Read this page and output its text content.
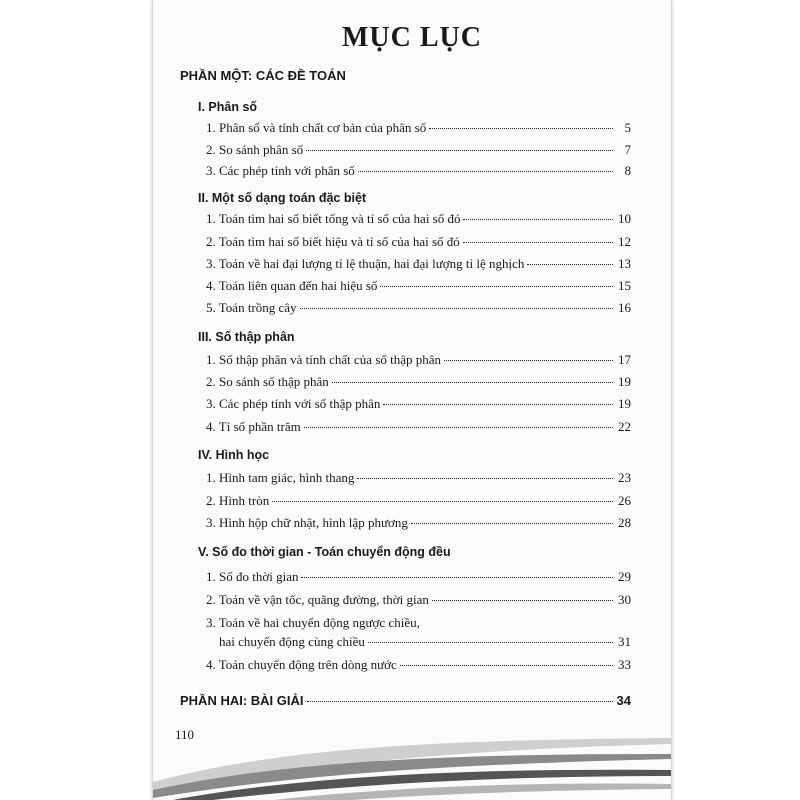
MỤC LỤC
PHẦN MỘT: CÁC ĐỀ TOÁN
I. Phân số
1. Phân số và tính chất cơ bản của phân số	5
2. So sánh phân số	7
3. Các phép tính với phân số	8
II. Một số dạng toán đặc biệt
1. Toán tìm hai số biết tổng và tỉ số của hai số đó	10
2. Toán tìm hai số biết hiệu và tỉ số của hai số đó	12
3. Toán về hai đại lượng tỉ lệ thuận, hai đại lượng tỉ lệ nghịch	13
4. Toán liên quan đến hai hiệu số	15
5. Toán trồng cây	16
III. Số thập phân
1. Số thập phân và tính chất của số thập phân	17
2. So sánh số thập phân	19
3. Các phép tính với số thập phân	19
4. Tỉ số phần trăm	22
IV. Hình học
1. Hình tam giác, hình thang	23
2. Hình tròn	26
3. Hình hộp chữ nhật, hình lập phương	28
V. Số đo thời gian - Toán chuyển động đều
1. Số đo thời gian	29
2. Toán về vận tốc, quãng đường, thời gian	30
3. Toán về hai chuyển động ngược chiều,
hai chuyển động cùng chiều	31
4. Toán chuyển động trên dòng nước	33
PHẦN HAI: BÀI GIẢI	34
110
